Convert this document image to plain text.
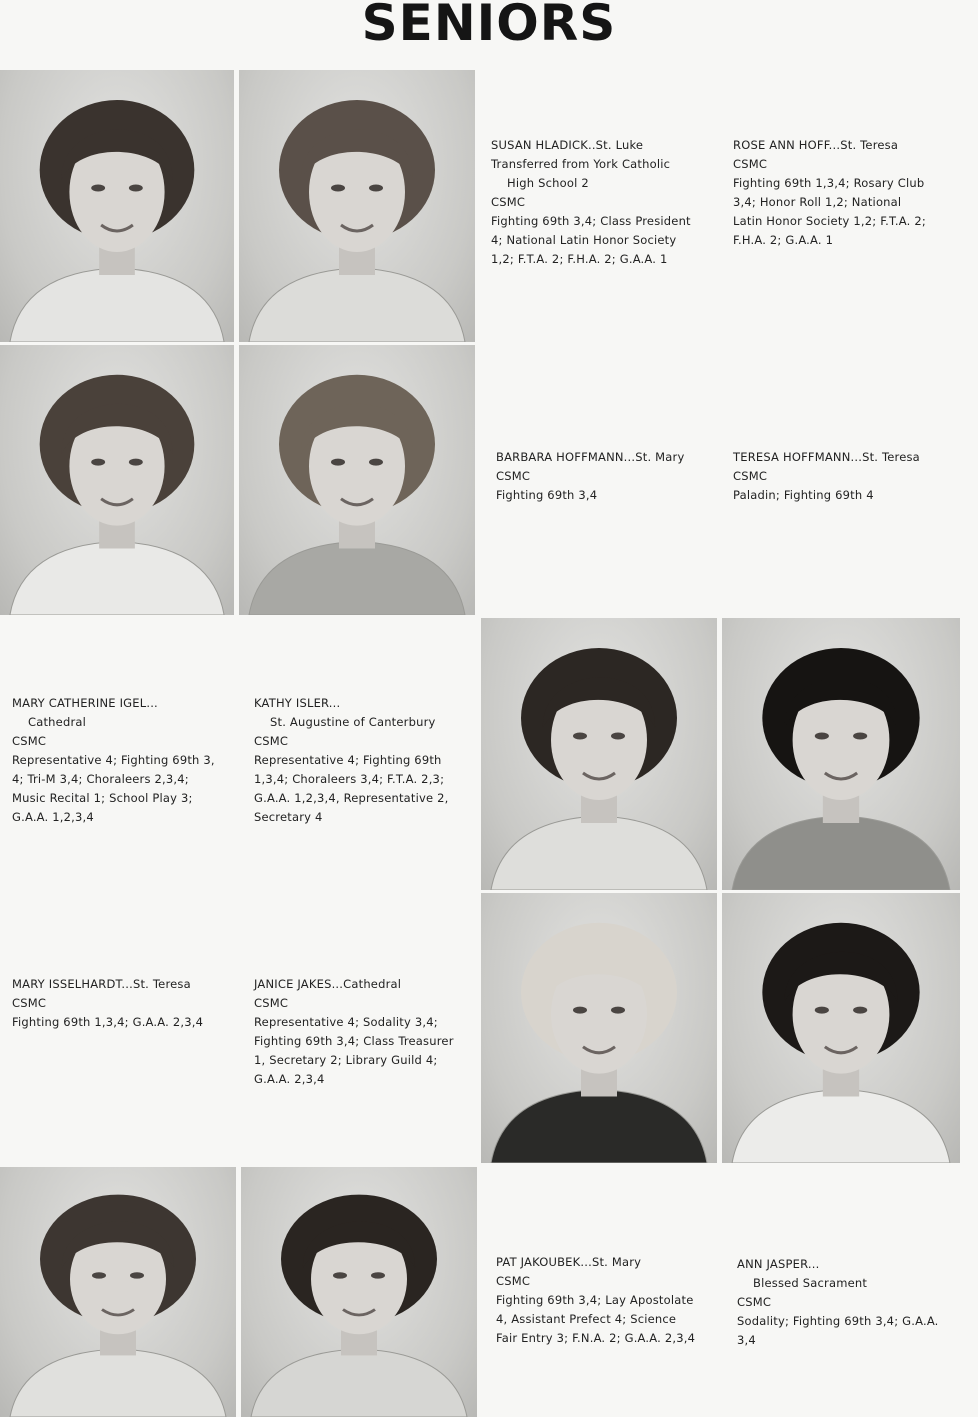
SENIORS
SUSAN HLADICK..St. Luke
Transferred from York Catholic
High School 2
CSMC
Fighting 69th 3,4; Class President
4; National Latin Honor Society
1,2; F.T.A. 2; F.H.A. 2; G.A.A. 1
ROSE ANN HOFF...St. Teresa
CSMC
Fighting 69th 1,3,4; Rosary Club
3,4; Honor Roll 1,2; National
Latin Honor Society 1,2; F.T.A. 2;
F.H.A. 2; G.A.A. 1
BARBARA HOFFMANN...St. Mary
CSMC
Fighting 69th 3,4
TERESA HOFFMANN...St. Teresa
CSMC
Paladin; Fighting 69th 4
MARY CATHERINE IGEL...
Cathedral
CSMC
Representative 4; Fighting 69th 3,
4; Tri-M 3,4; Choraleers 2,3,4;
Music Recital 1; School Play 3;
G.A.A. 1,2,3,4
KATHY ISLER...
St. Augustine of Canterbury
CSMC
Representative 4; Fighting 69th
1,3,4; Choraleers 3,4; F.T.A. 2,3;
G.A.A. 1,2,3,4, Representative 2,
Secretary 4
MARY ISSELHARDT...St. Teresa
CSMC
Fighting 69th 1,3,4; G.A.A. 2,3,4
JANICE JAKES...Cathedral
CSMC
Representative 4; Sodality 3,4;
Fighting 69th 3,4; Class Treasurer
1, Secretary 2; Library Guild 4;
G.A.A. 2,3,4
PAT JAKOUBEK...St. Mary
CSMC
Fighting 69th 3,4; Lay Apostolate
4, Assistant Prefect 4; Science
Fair Entry 3; F.N.A. 2; G.A.A. 2,3,4
ANN JASPER...
Blessed Sacrament
CSMC
Sodality; Fighting 69th 3,4; G.A.A.
3,4
